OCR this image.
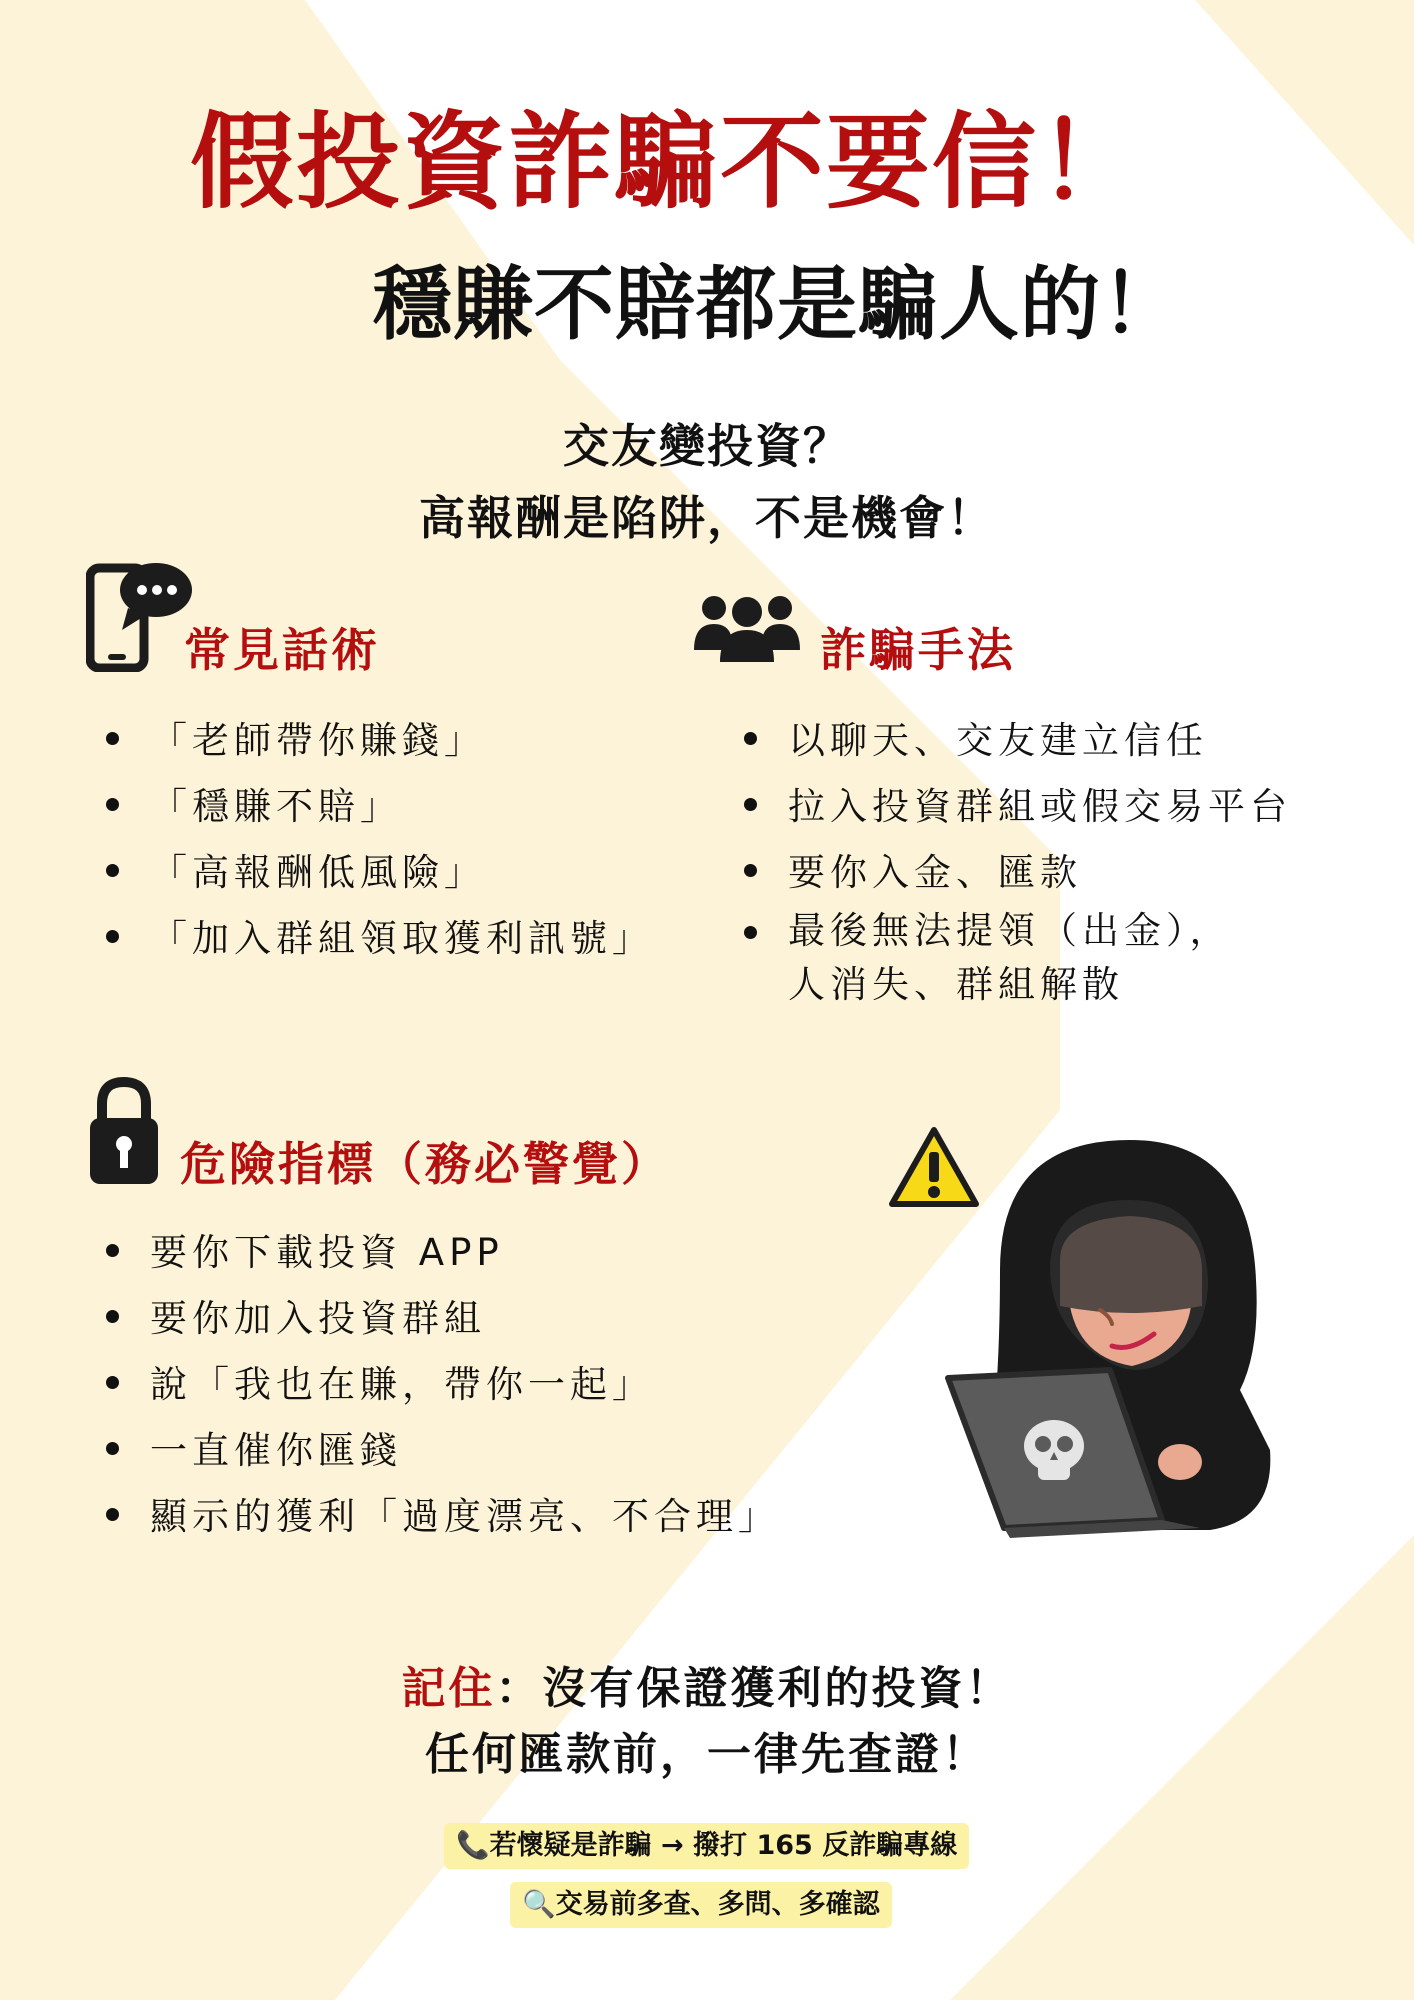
假投資詐騙不要信！
穩賺不賠都是騙人的！
交友變投資？
高報酬是陷阱，不是機會！
常見話術
「老師帶你賺錢」
「穩賺不賠」
「高報酬低風險」
「加入群組領取獲利訊號」
詐騙手法
以聊天、交友建立信任
拉入投資群組或假交易平台
要你入金、匯款
最後無法提領（出金），
人消失、群組解散
危險指標（務必警覺）
要你下載投資 APP
要你加入投資群組
說「我也在賺，帶你一起」
一直催你匯錢
顯示的獲利「過度漂亮、不合理」
記住：沒有保證獲利的投資！
任何匯款前，一律先查證！
📞若懷疑是詐騙 → 撥打 165 反詐騙專線
🔍交易前多查、多問、多確認
